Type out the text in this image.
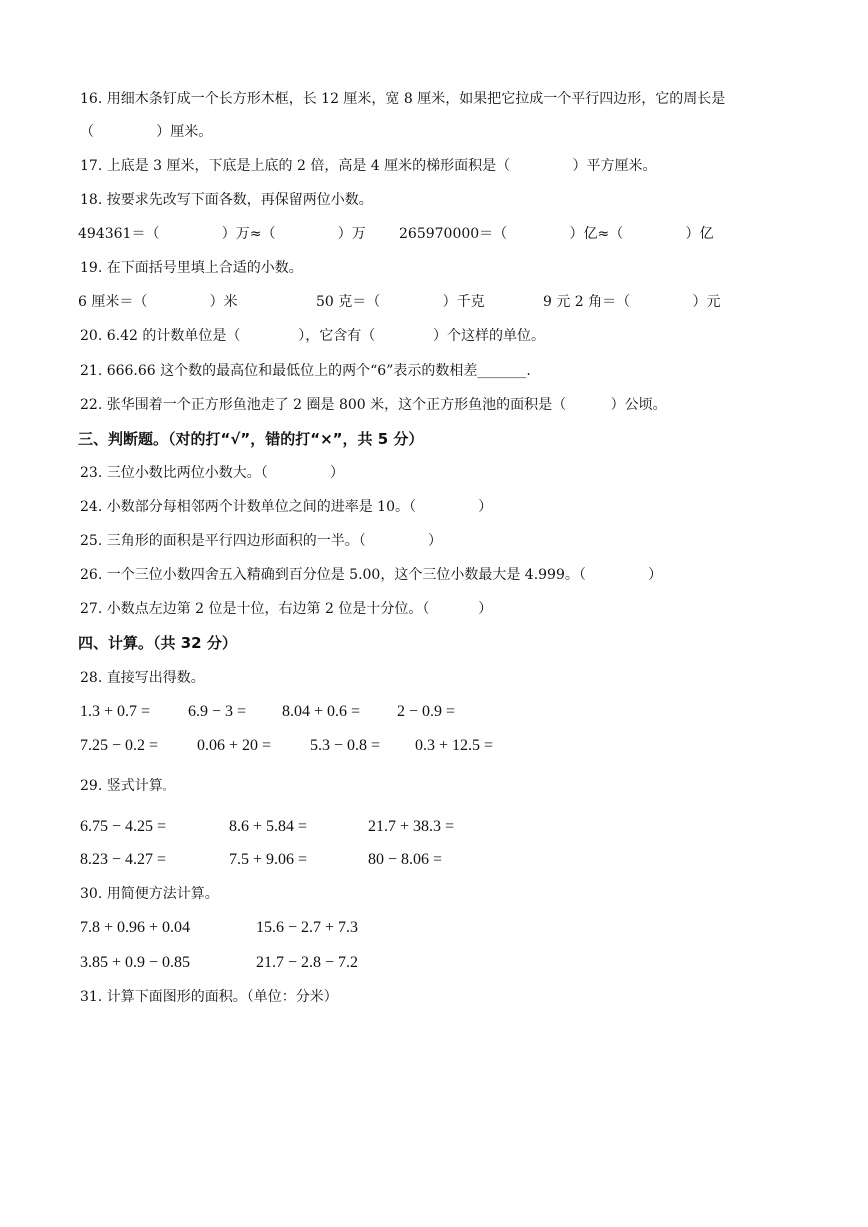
16. 用细木条钉成一个长方形木框，长 12 厘米，宽 8 厘米，如果把它拉成一个平行四边形，它的周长是
（              ）厘米。
17. 上底是 3 厘米，下底是上底的 2 倍，高是 4 厘米的梯形面积是（              ）平方厘米。
18. 按要求先改写下面各数，再保留两位小数。
494361＝（              ）万≈（              ）万 265970000＝（              ）亿≈（              ）亿
19. 在下面括号里填上合适的小数。
6 厘米＝（              ）米	50 克＝（              ）千克	9 元 2 角＝（              ）元
20. 6.42 的计数单位是（             ），它含有（             ）个这样的单位。
21. 666.66 这个数的最高位和最低位上的两个“6”表示的数相差_______.
22. 张华围着一个正方形鱼池走了 2 圈是 800 米，这个正方形鱼池的面积是（          ）公顷。
三、判断题。（对的打“√”，错的打“×”，共 5 分）
23. 三位小数比两位小数大。（              ）
24. 小数部分每相邻两个计数单位之间的进率是 10。（              ）
25. 三角形的面积是平行四边形面积的一半。（              ）
26. 一个三位小数四舍五入精确到百分位是 5.00，这个三位小数最大是 4.999。（              ）
27. 小数点左边第 2 位是十位，右边第 2 位是十分位。（           ）
四、计算。（共 32 分）
28. 直接写出得数。
1.3 + 0.7 = 6.9 − 3 = 8.04 + 0.6 = 2 − 0.9 =
7.25 − 0.2 = 0.06 + 20 = 5.3 − 0.8 = 0.3 + 12.5 =
29. 竖式计算。
6.75 − 4.25 =	8.6 + 5.84 =	21.7 + 38.3 =
8.23 − 4.27 =	7.5 + 9.06 =	80 − 8.06 =
30. 用简便方法计算。
7.8 + 0.96 + 0.04	15.6 − 2.7 + 7.3
3.85 + 0.9 − 0.85	21.7 − 2.8 − 7.2
31. 计算下面图形的面积。（单位：分米）
